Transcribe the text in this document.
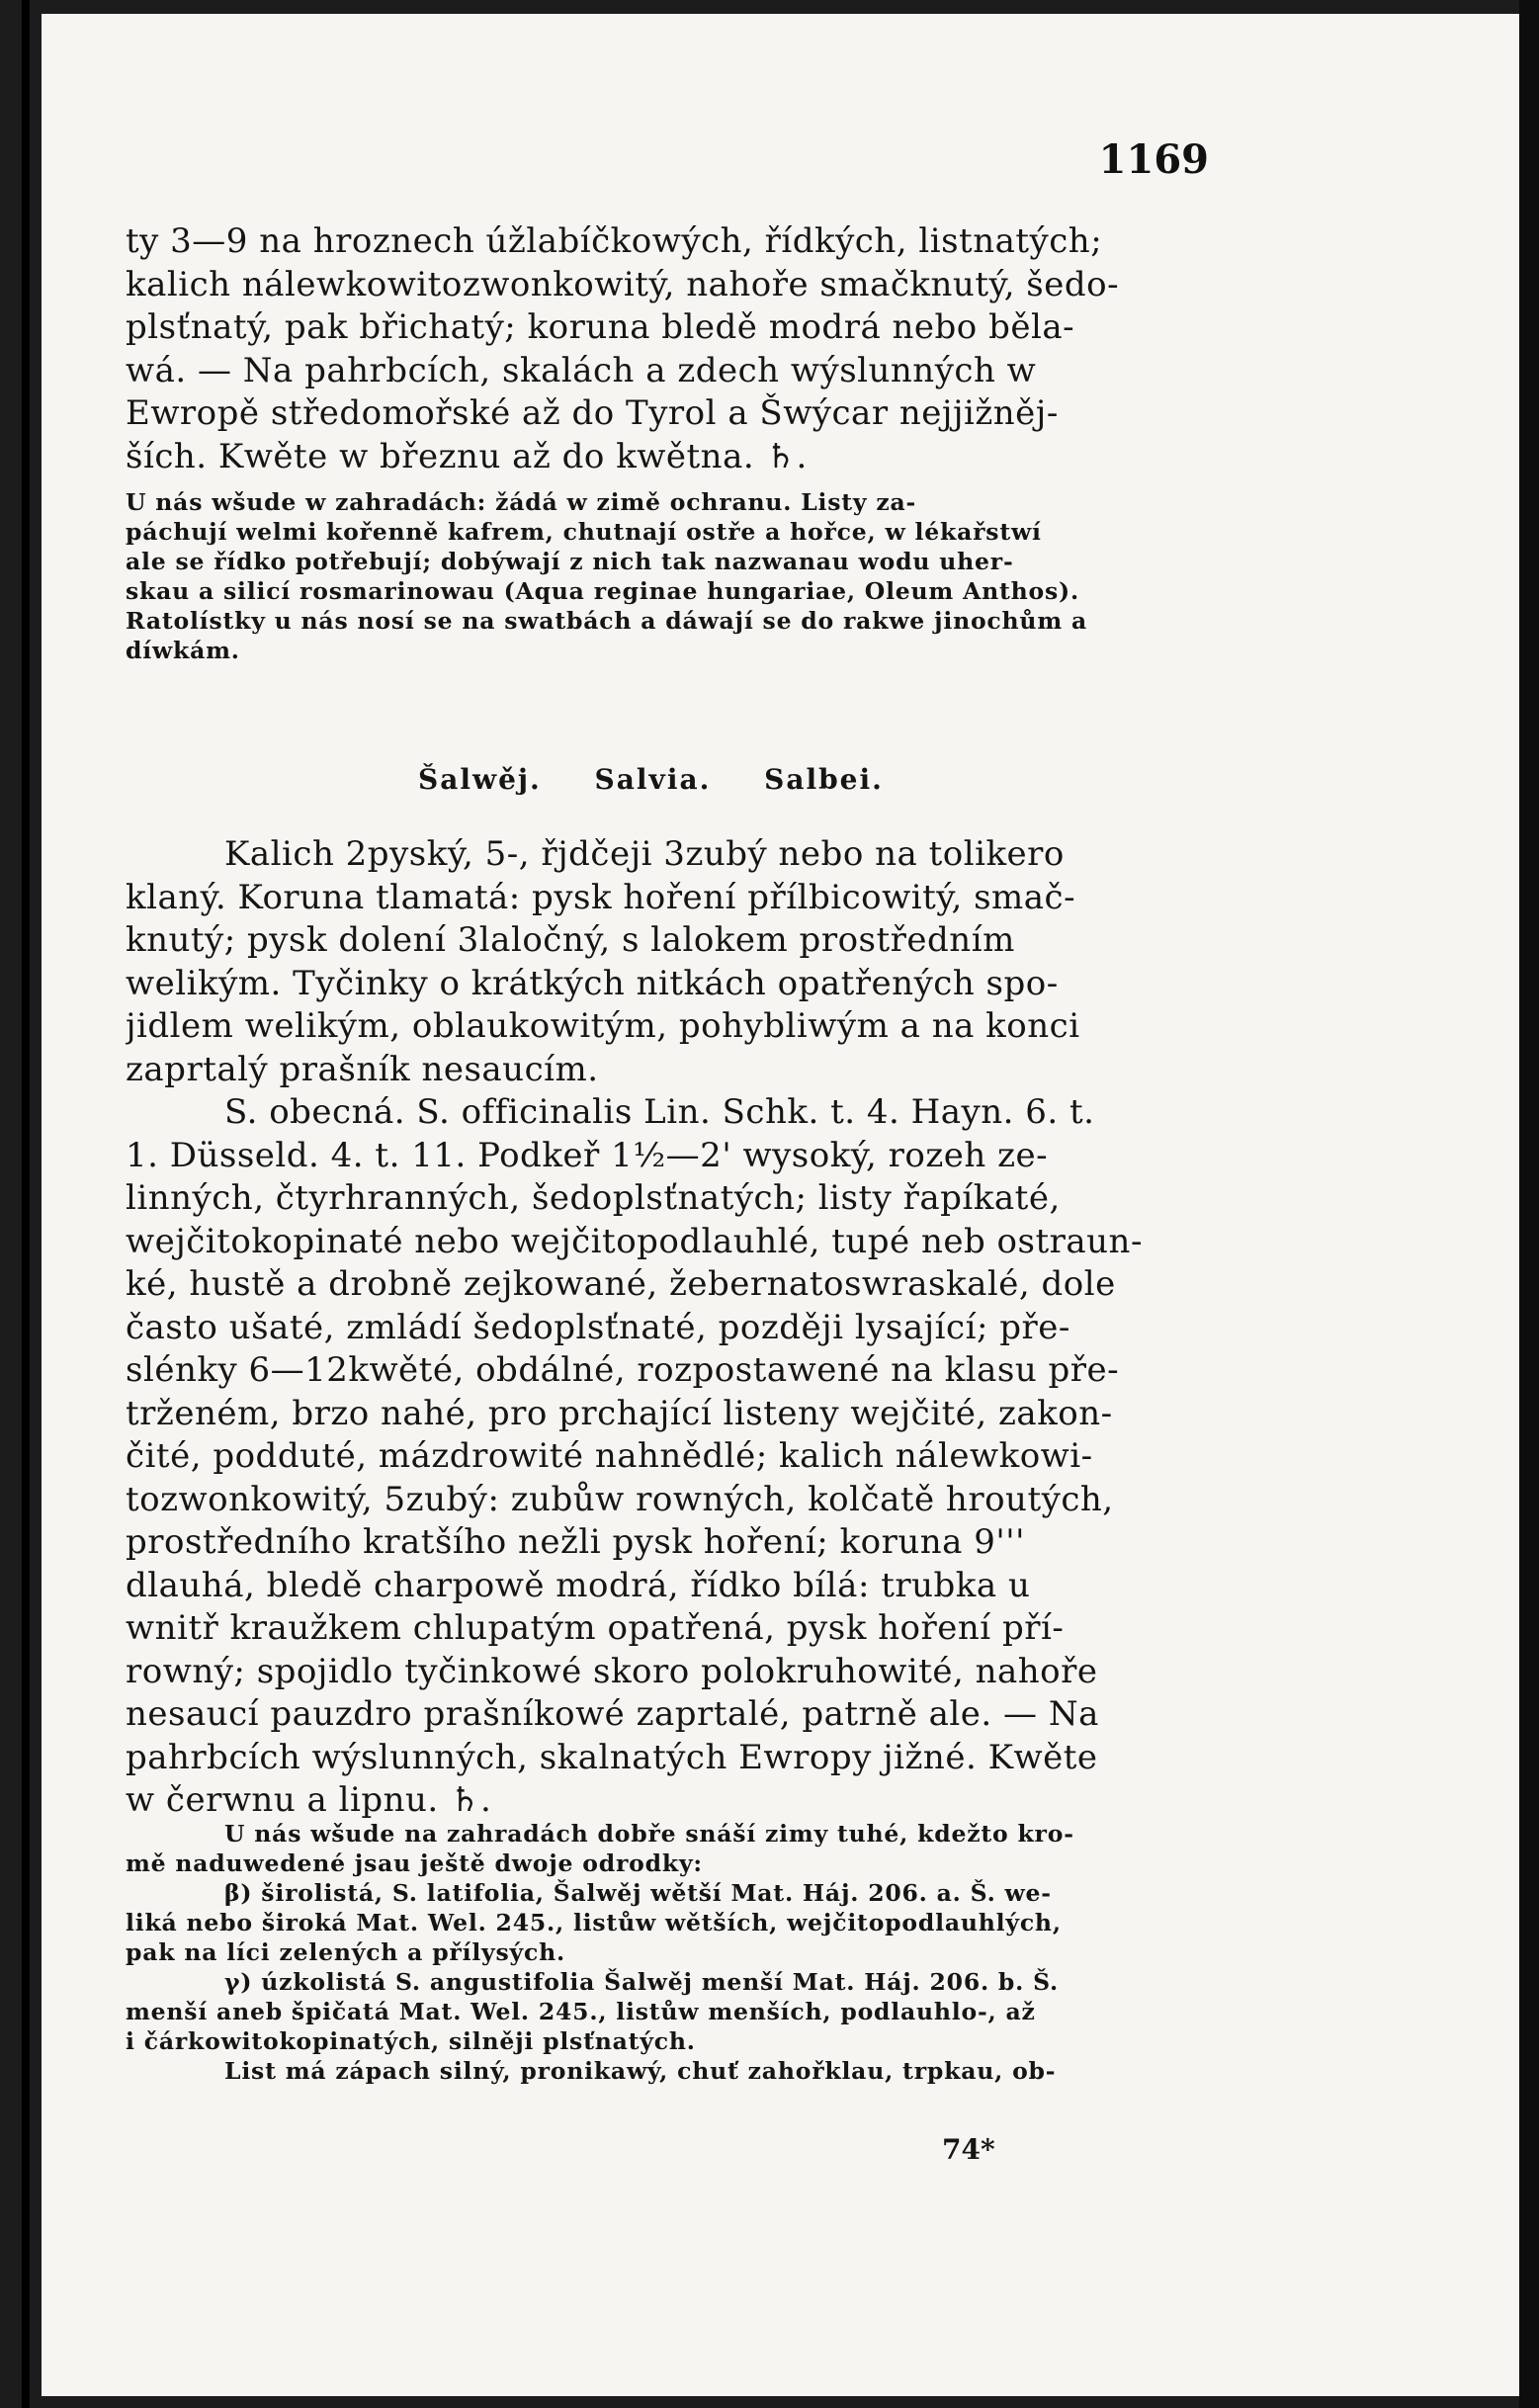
1169
ty 3—9 na hroznech úžlabíčkowých, řídkých, listnatých;
kalich nálewkowitozwonkowitý, nahoře smačknutý, šedo-
plsťnatý, pak břichatý; koruna bledě modrá nebo běla-
wá. — Na pahrbcích, skalách a zdech wýslunných w
Ewropě středomořské až do Tyrol a Šwýcar nejjižněj-
ších. Kwěte w březnu až do kwětna. ♄.
U nás wšude w zahradách: žádá w zimě ochranu. Listy za-
páchují welmi kořenně kafrem, chutnají ostře a hořce, w lékařstwí
ale se řídko potřebují; dobýwají z nich tak nazwanau wodu uher-
skau a silicí rosmarinowau (Aqua reginae hungariae, Oleum Anthos).
Ratolístky u nás nosí se na swatbách a dáwají se do rakwe jinochům a
díwkám.
Šalwěj. Salvia. Salbei.
Kalich 2pyský, 5-, řjdčeji 3zubý nebo na tolikero
klaný. Koruna tlamatá: pysk hoření přílbicowitý, smač-
knutý; pysk dolení 3laločný, s lalokem prostředním
welikým. Tyčinky o krátkých nitkách opatřených spo-
jidlem welikým, oblaukowitým, pohybliwým a na konci
zaprtalý prašník nesaucím.
S. obecná. S. officinalis Lin. Schk. t. 4. Hayn. 6. t.
1. Düsseld. 4. t. 11. Podkeř 1½—2' wysoký, rozeh ze-
linných, čtyrhranných, šedoplsťnatých; listy řapíkaté,
wejčitokopinaté nebo wejčitopodlauhlé, tupé neb ostraun-
ké, hustě a drobně zejkowané, žebernatoswraskalé, dole
často ušaté, zmládí šedoplsťnaté, později lysající; pře-
slénky 6—12kwěté, obdálné, rozpostawené na klasu pře-
trženém, brzo nahé, pro prchající listeny wejčité, zakon-
čité, podduté, mázdrowité nahnědlé; kalich nálewkowi-
tozwonkowitý, 5zubý: zubůw rowných, kolčatě hroutých,
prostředního kratšího nežli pysk hoření; koruna 9'''
dlauhá, bledě charpowě modrá, řídko bílá: trubka u
wnitř kraužkem chlupatým opatřená, pysk hoření pří-
rowný; spojidlo tyčinkowé skoro polokruhowité, nahoře
nesaucí pauzdro prašníkowé zaprtalé, patrně ale. — Na
pahrbcích wýslunných, skalnatých Ewropy jižné. Kwěte
w čerwnu a lipnu. ♄.
U nás wšude na zahradách dobře snáší zimy tuhé, kdežto kro-
mě naduwedené jsau ještě dwoje odrodky:
β) širolistá, S. latifolia, Šalwěj wětší Mat. Háj. 206. a. Š. we-
liká nebo široká Mat. Wel. 245., listůw wětších, wejčitopodlauhlých,
pak na líci zelených a přílysých.
γ) úzkolistá S. angustifolia Šalwěj menší Mat. Háj. 206. b. Š.
menší aneb špičatá Mat. Wel. 245., listůw menších, podlauhlo-, až
i čárkowitokopinatých, silněji plsťnatých.
List má zápach silný, pronikawý, chuť zahořklau, trpkau, ob-
74*
